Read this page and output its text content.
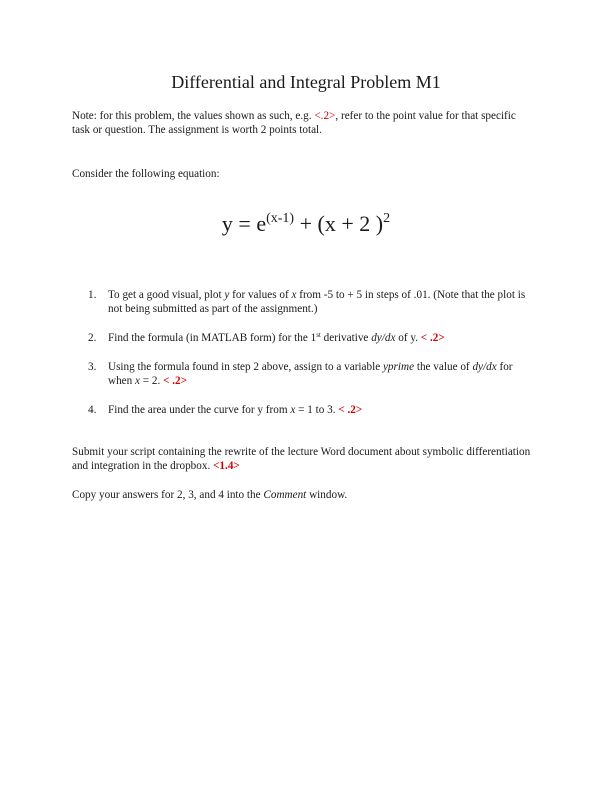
Differential and Integral Problem M1
Note: for this problem, the values shown as such, e.g. <.2>, refer to the point value for that specific task or question. The assignment is worth 2 points total.
Consider the following equation:
$y = e^{(x-1)} + (x + 2$ )$^2$
1. To get a good visual, plot y for values of x from -5 to + 5 in steps of .01. (Note that the plot is not being submitted as part of the assignment.)
2. Find the formula (in MATLAB form) for the 1st derivative dy/dx of y. < .2>
3. Using the formula found in step 2 above, assign to a variable yprime the value of dy/dx for when x = 2. < .2>
4. Find the area under the curve for y from x = 1 to 3. < .2>
Submit your script containing the rewrite of the lecture Word document about symbolic differentiation and integration in the dropbox. <1.4>
Copy your answers for 2, 3, and 4 into the Comment window.
